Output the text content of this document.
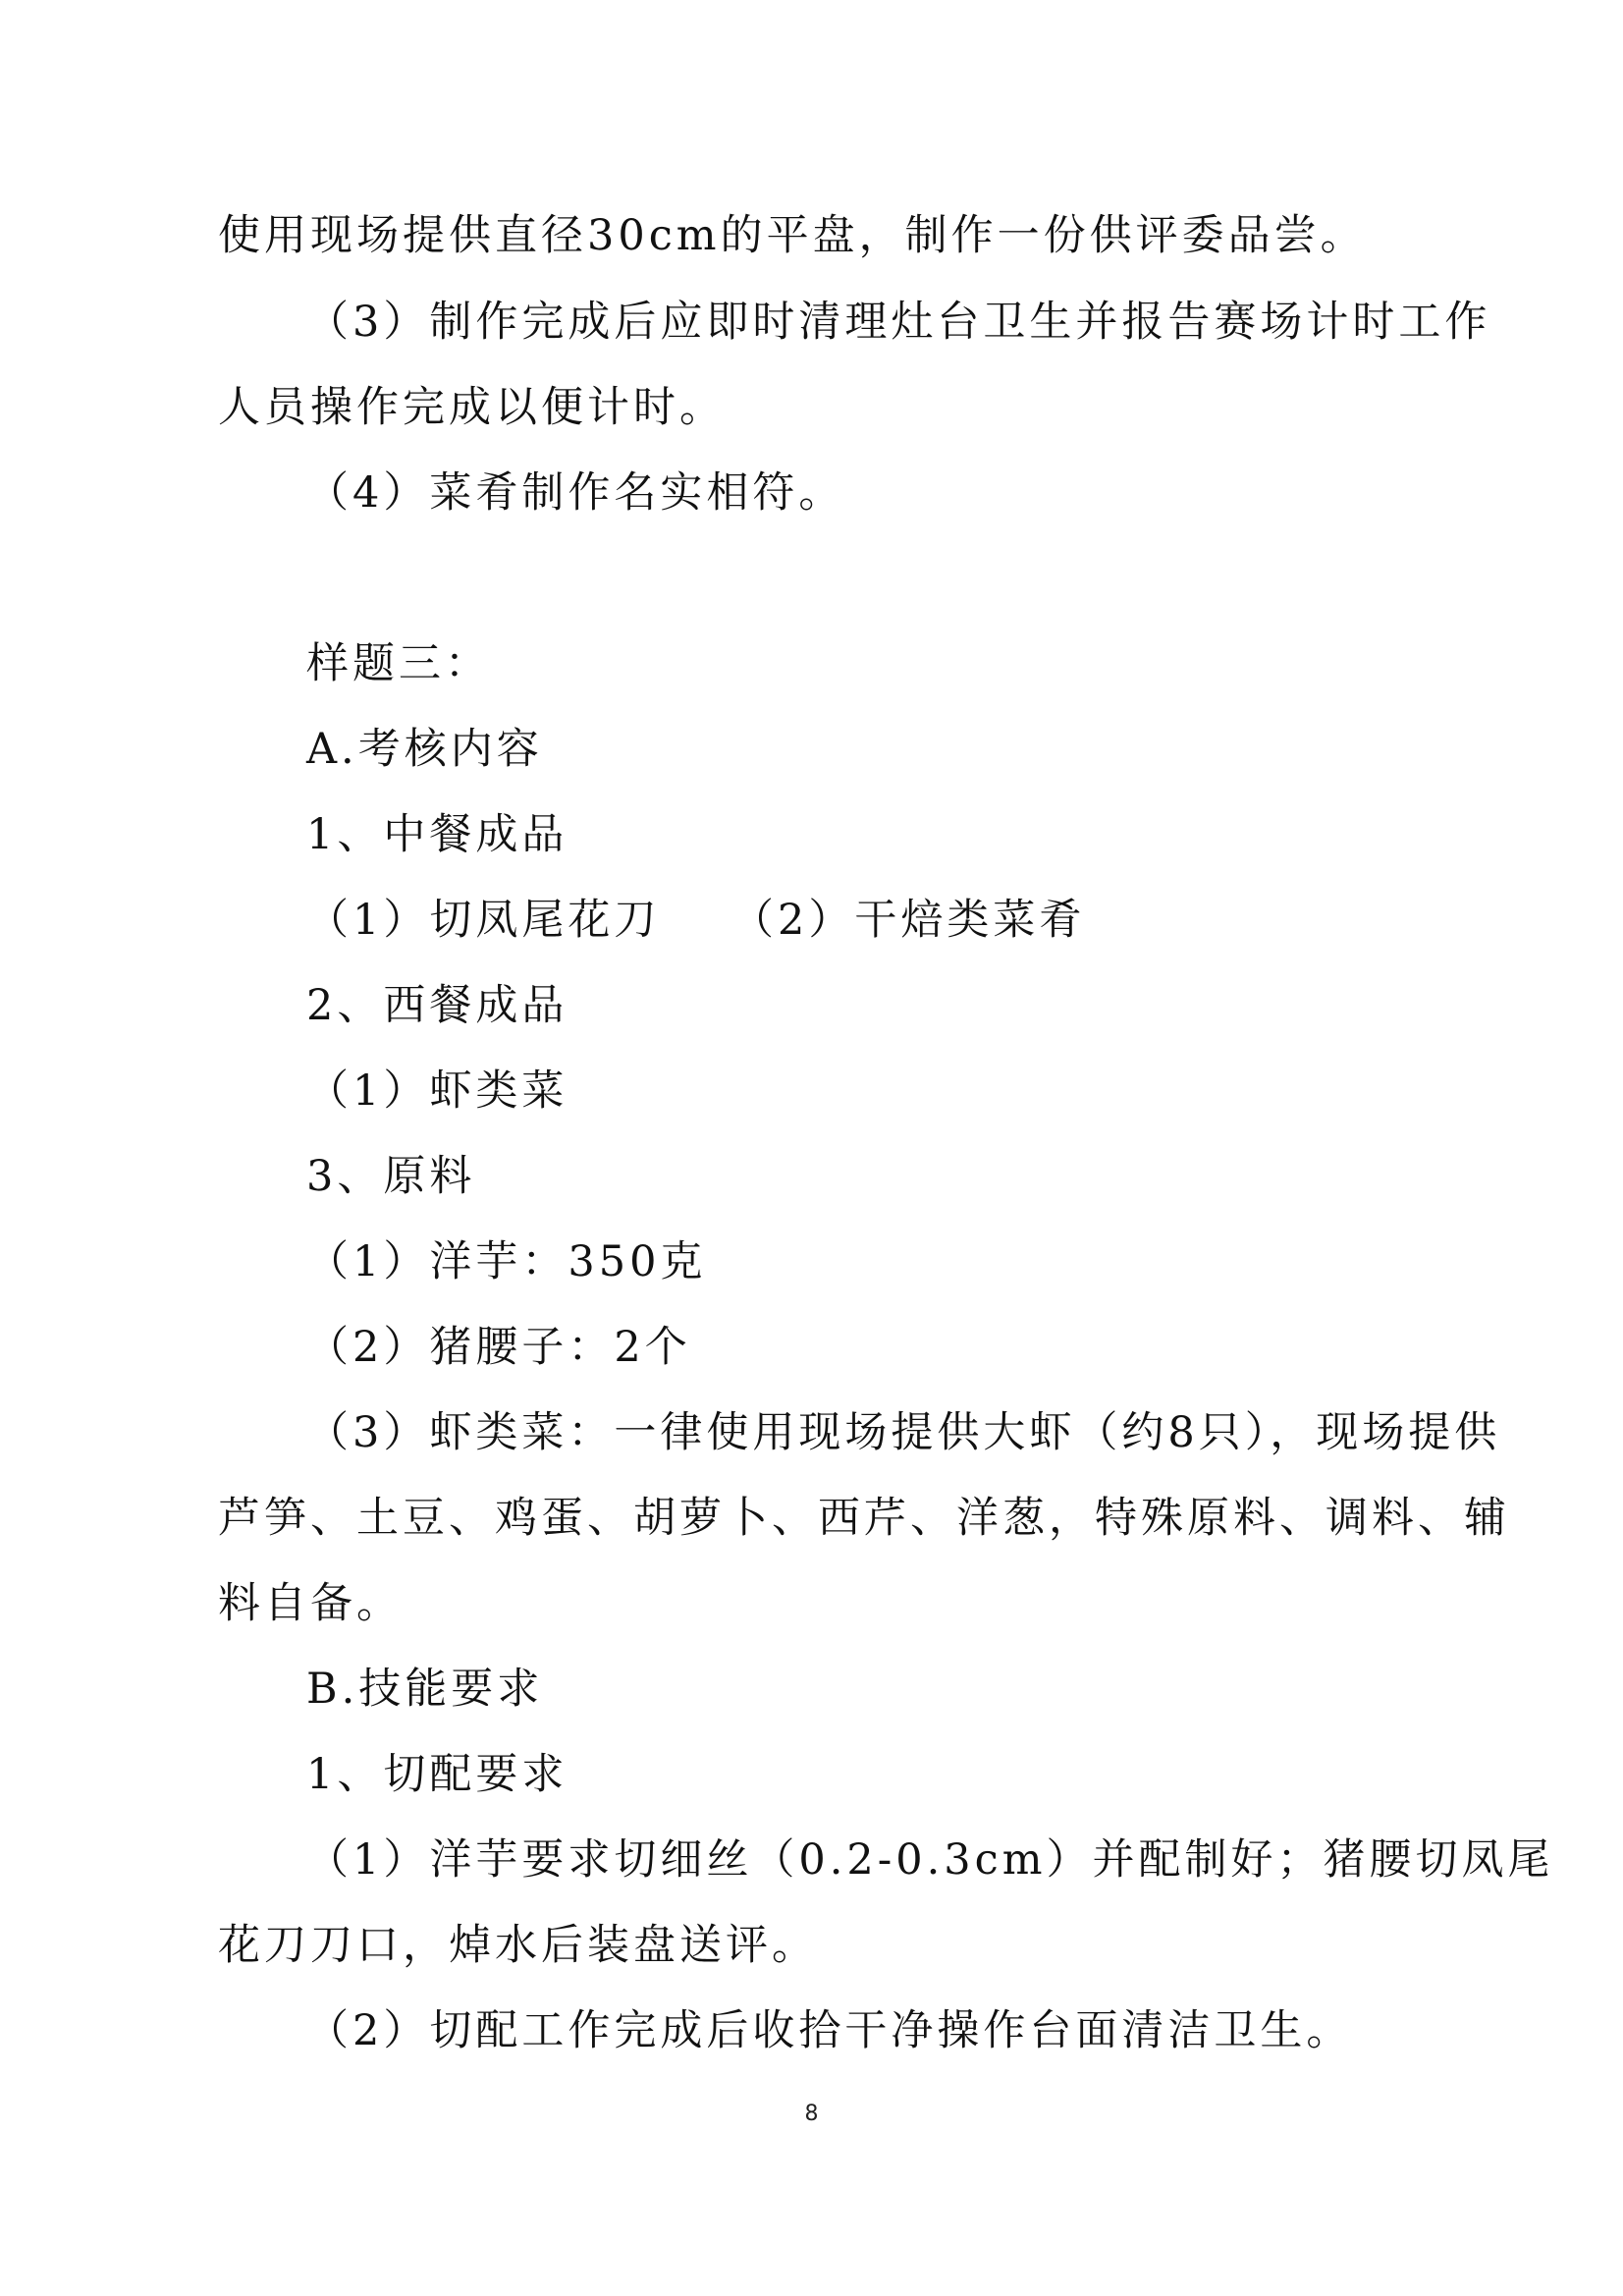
使用现场提供直径30cm的平盘，制作一份供评委品尝。
（3）制作完成后应即时清理灶台卫生并报告赛场计时工作
人员操作完成以便计时。
（4）菜肴制作名实相符。
样题三：
A.考核内容
1、中餐成品
（1）切凤尾花刀 （2）干焙类菜肴
2、西餐成品
（1）虾类菜
3、原料
（1）洋芋：350克
（2）猪腰子：2个
（3）虾类菜：一律使用现场提供大虾（约8只），现场提供
芦笋、土豆、鸡蛋、胡萝卜、西芹、洋葱，特殊原料、调料、辅
料自备。
B.技能要求
1、切配要求
（1）洋芋要求切细丝（0.2-0.3cm）并配制好；猪腰切凤尾
花刀刀口，焯水后装盘送评。
（2）切配工作完成后收拾干净操作台面清洁卫生。
8
